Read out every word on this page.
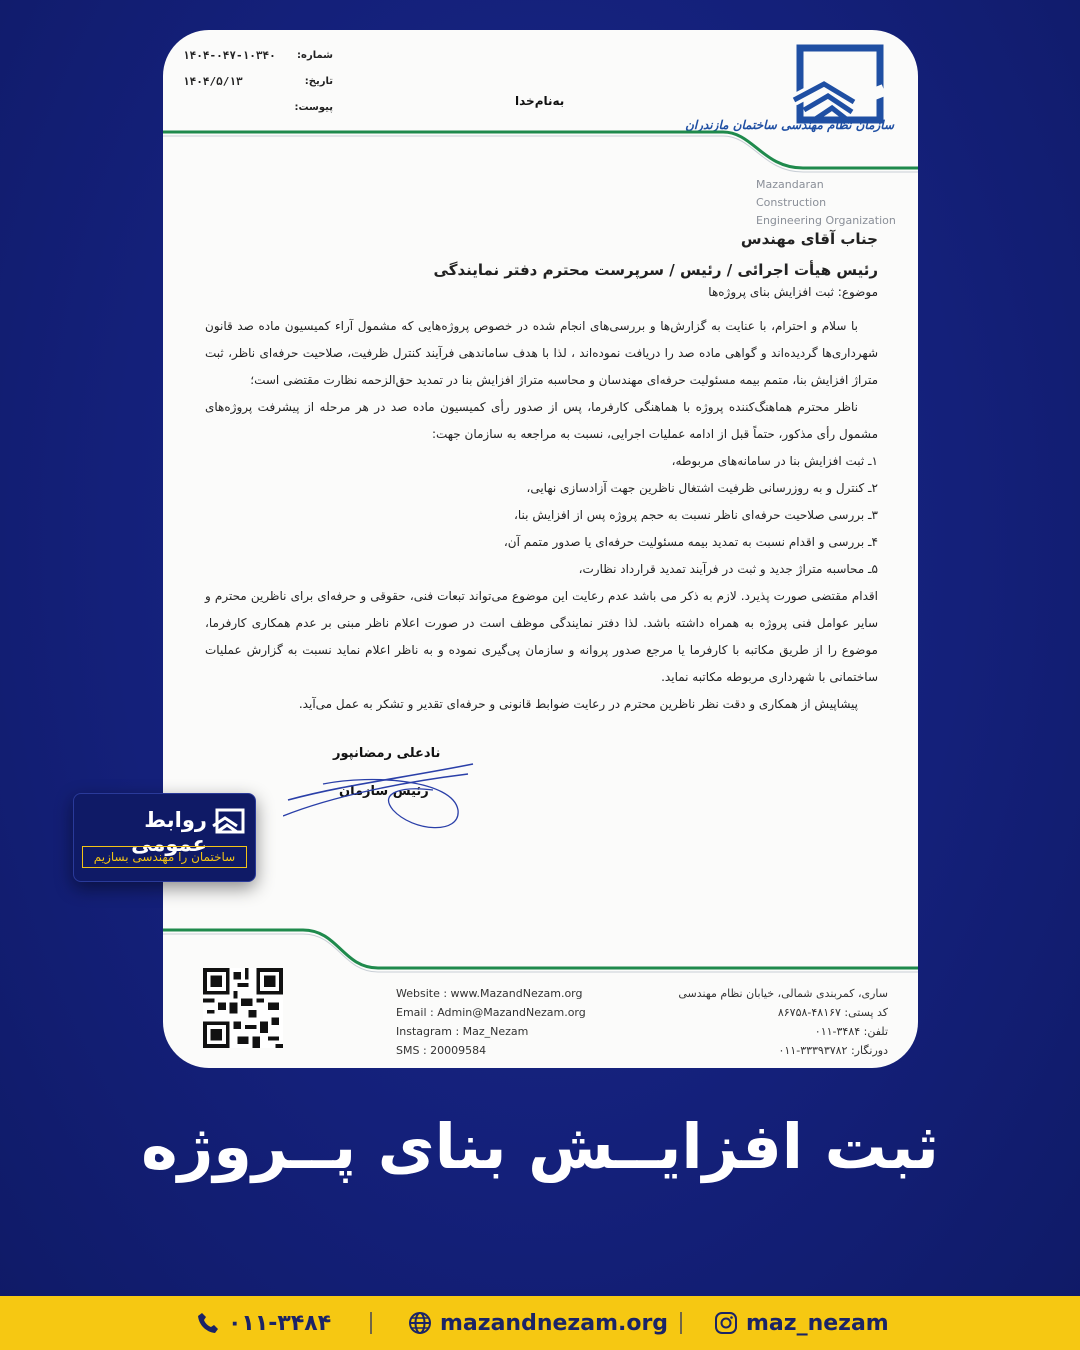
شماره:
۱۴۰۴-۰۴۷-۱۰۳۴۰
تاریخ:
۱۴۰۴/۵/۱۳
پیوست:	به‌نام‌خدا
سازمان نظام مهندسی ساختمان مازندران
Mazandaran Construction
Engineering Organization
جناب آقای مهندس
رئیس هیأت اجرائی / رئیس / سرپرست محترم دفتر نمایندگی
موضوع: ثبت افزایش بنای پروژه‌ها

با سلام و احترام، با عنایت به گزارش‌ها و بررسی‌های انجام شده در خصوص پروژه‌هایی که مشمول آراء کمیسیون ماده صد قانون شهرداری‌ها گردیده‌اند و گواهی ماده صد را دریافت نموده‌اند ، لذا با هدف ساماندهی فرآیند کنترل ظرفیت، صلاحیت حرفه‌ای ناظر، ثبت متراژ افزایش بنا، متمم بیمه مسئولیت حرفه‌ای مهندسان و محاسبه متراژ افزایش بنا در تمدید حق‌الزحمه نظارت مقتضی است؛

ناظر محترم هماهنگ‌کننده پروژه با هماهنگی کارفرما، پس از صدور رأی کمیسیون ماده صد در هر مرحله از پیشرفت پروژه‌های مشمول رأی مذکور، حتماً قبل از ادامه عملیات اجرایی، نسبت به مراجعه به سازمان جهت:

۱ـ ثبت افزایش بنا در سامانه‌های مربوطه،

۲ـ کنترل و به روزرسانی ظرفیت اشتغال ناظرین جهت آزادسازی نهایی،

۳ـ بررسی صلاحیت حرفه‌ای ناظر نسبت به حجم پروژه پس از افزایش بنا،

۴ـ بررسی و اقدام نسبت به تمدید بیمه مسئولیت حرفه‌ای یا صدور متمم آن،

۵ـ محاسبه متراژ جدید و ثبت در فرآیند تمدید قرارداد نظارت،

اقدام مقتضی صورت پذیرد. لازم به ذکر می باشد عدم رعایت این موضوع می‌تواند تبعات فنی، حقوقی و حرفه‌ای برای ناظرین محترم و سایر عوامل فنی پروژه به همراه داشته باشد. لذا دفتر نمایندگی موظف است در صورت اعلام ناظر مبنی بر عدم همکاری کارفرما، موضوع را از طریق مکاتبه با کارفرما یا مرجع صدور پروانه و سازمان پی‌گیری نموده و به ناظر اعلام نماید نسبت به گزارش عملیات ساختمانی با شهرداری مربوطه مکاتبه نماید.

پیشاپیش از همکاری و دقت نظر ناظرین محترم در رعایت ضوابط قانونی و حرفه‌ای تقدیر و تشکر به عمل می‌آید.

نادعلی رمضانپور
رئیس سازمان
Website : www.MazandNezam.org
Email : Admin@MazandNezam.org
Instagram : Maz_Nezam
SMS : 20009584
ساری، کمربندی شمالی، خیابان نظام مهندسی
کد پستی: ۴۸۱۶۷-۸۶۷۵۸
تلفن: ۳۴۸۴-۰۱۱
دورنگار: ۳۳۳۹۳۷۸۲-۰۱۱
روابط عمومی
ساختمان را مهندسی بسازیم
ثبت افزایــش بنای پــروژه
۰۱۱-۳۴۸۴	mazandnezam.org	maz_nezam
